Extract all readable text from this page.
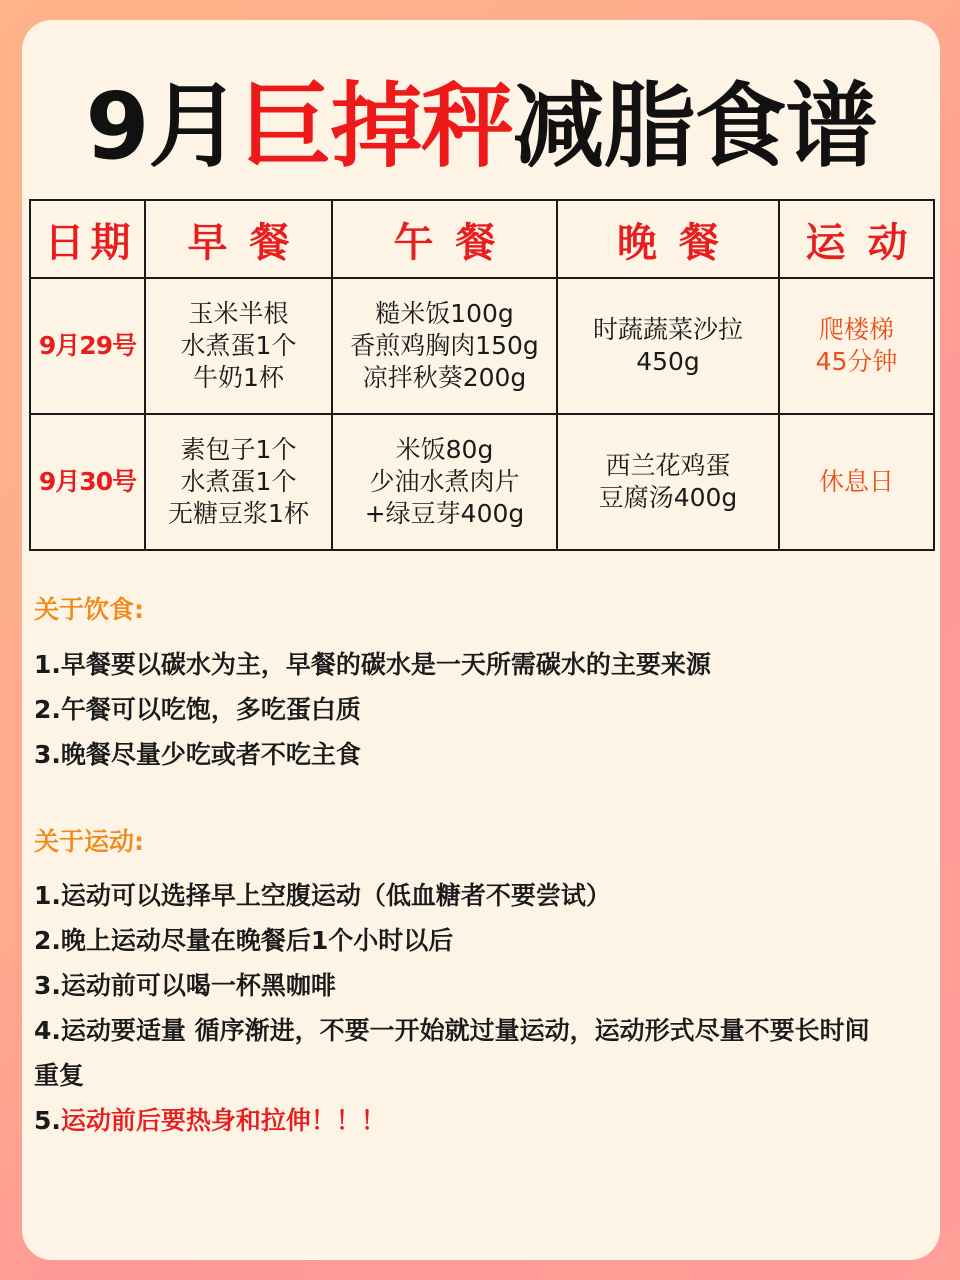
9月巨掉秤减脂食谱
日期	早餐	午餐	晚餐	运动
9月29号	玉米半根
水煮蛋1个
牛奶1杯	糙米饭100g
香煎鸡胸肉150g
凉拌秋葵200g	时蔬蔬菜沙拉
450g	爬楼梯
45分钟

9月30号	素包子1个
水煮蛋1个
无糖豆浆1杯	米饭80g
少油水煮肉片
+绿豆芽400g	西兰花鸡蛋
豆腐汤400g	休息日
关于饮食:
1.早餐要以碳水为主，早餐的碳水是一天所需碳水的主要来源
2.午餐可以吃饱，多吃蛋白质
3.晚餐尽量少吃或者不吃主食
关于运动:
1.运动可以选择早上空腹运动（低血糖者不要尝试）
2.晚上运动尽量在晚餐后1个小时以后
3.运动前可以喝一杯黑咖啡
4.运动要适量 循序渐进，不要一开始就过量运动，运动形式尽量不要长时间重复
5.运动前后要热身和拉伸！！！
